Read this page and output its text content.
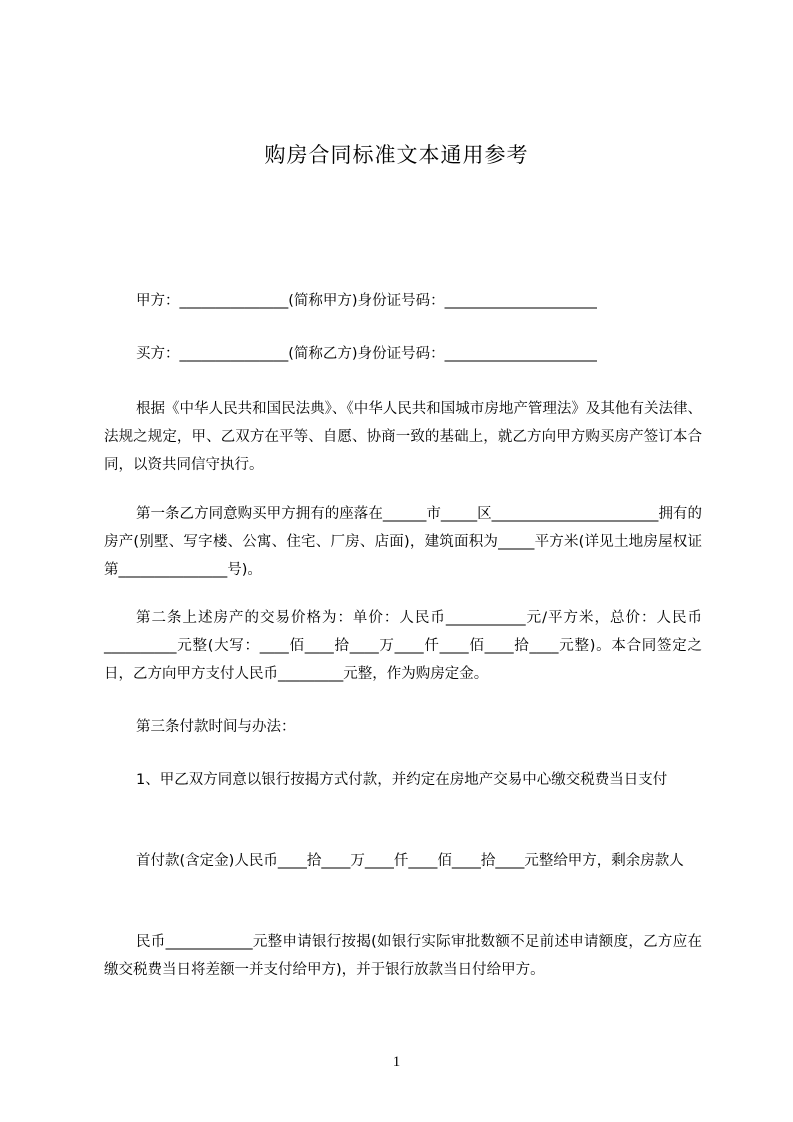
购房合同标准文本通用参考
甲方：_______________(简称甲方)身份证号码：_____________________
买方：_______________(简称乙方)身份证号码：_____________________
根据《中华人民共和国民法典》、《中华人民共和国城市房地产管理法》及其他有关法律、法规之规定，甲、乙双方在平等、自愿、协商一致的基础上，就乙方向甲方购买房产签订本合同，以资共同信守执行。
第一条乙方同意购买甲方拥有的座落在______市_____区_______________________拥有的房产(别墅、写字楼、公寓、住宅、厂房、店面)，建筑面积为_____平方米(详见土地房屋权证第_______________号)。
第二条上述房产的交易价格为：单价：人民币___________元/平方米，总价：人民币__________元整(大写：____佰____拾____万____仟____佰____拾____元整)。本合同签定之日，乙方向甲方支付人民币_________元整，作为购房定金。
第三条付款时间与办法：
1、甲乙双方同意以银行按揭方式付款，并约定在房地产交易中心缴交税费当日支付
首付款(含定金)人民币____拾____万____仟____佰____拾____元整给甲方，剩余房款人
民币____________元整申请银行按揭(如银行实际审批数额不足前述申请额度，乙方应在缴交税费当日将差额一并支付给甲方)，并于银行放款当日付给甲方。
1
